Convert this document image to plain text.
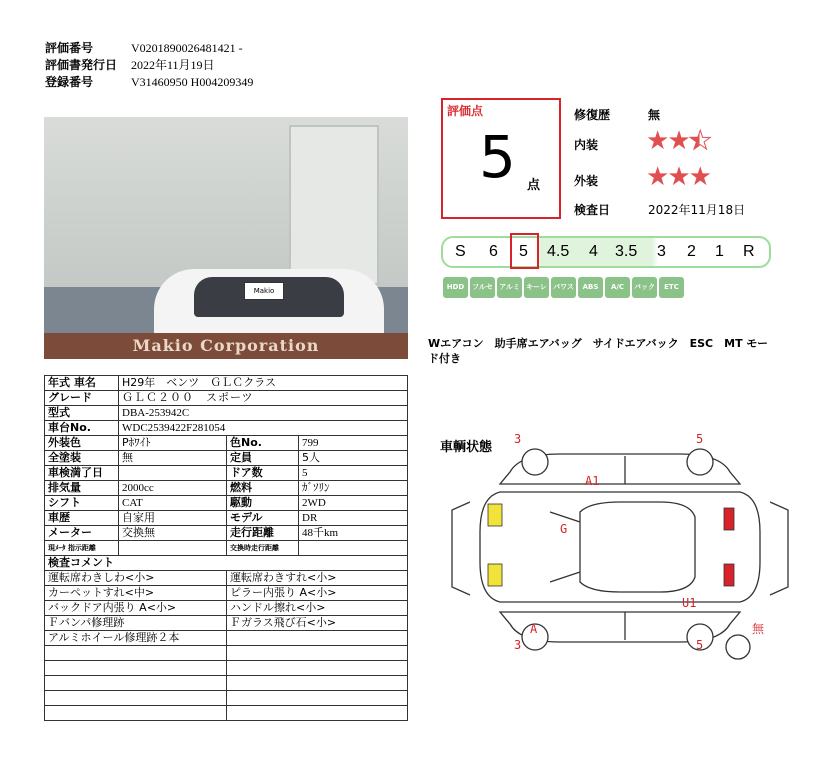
評価番号	V0201890026481421 -
評価書発行日	2022年11月19日
登録番号	V31460950 H004209349
Makio
Makio Corporation
評価点
5 点
修復歴	無
内装 ★★★
外装 ★★★
検査日	2022年11月18日
S 6 5 4.5 4 3.5 3 2 1 R
HDD ナビ
フルセグ TV
アルミ キーレス
パワスラ
ABS	A/C	バック カメラ
ETC
Wエアコン　助手席エアバッグ　サイドエアバック　ESC　MT モード付き
年式 車名	H29年　ベンツ　ＧＬＣクラス		
グレード	ＧＬＣ２００　スポーツ		
型式	DBA-253942C		
車台No.	WDC2539422F281054		
外装色	Pﾎﾜｲﾄ	色No.	799
全塗装	無	定員	5人
車検満了日		ドア数	5
排気量	2000cc	燃料	ｶﾞｿﾘﾝ
シフト	CAT	駆動	2WD
車歴	自家用	モデル	DR
メーター	交換無	走行距離	48千km
現ﾒｰﾀ 指示距離		交換時走行距離	
検査コメント			
運転席わきしわ<小>		運転席わきすれ<小>	
カーペットすれ<中>		ピラー内張り A<小>	
バックドア内張り A<小>		ハンドル擦れ<小>	
Ｆバンパ修理跡		Ｆガラス飛び石<小>	
アルミホイール修理跡２本			

車輌状態
3	5
A1
G
U1
A
3	5
無
